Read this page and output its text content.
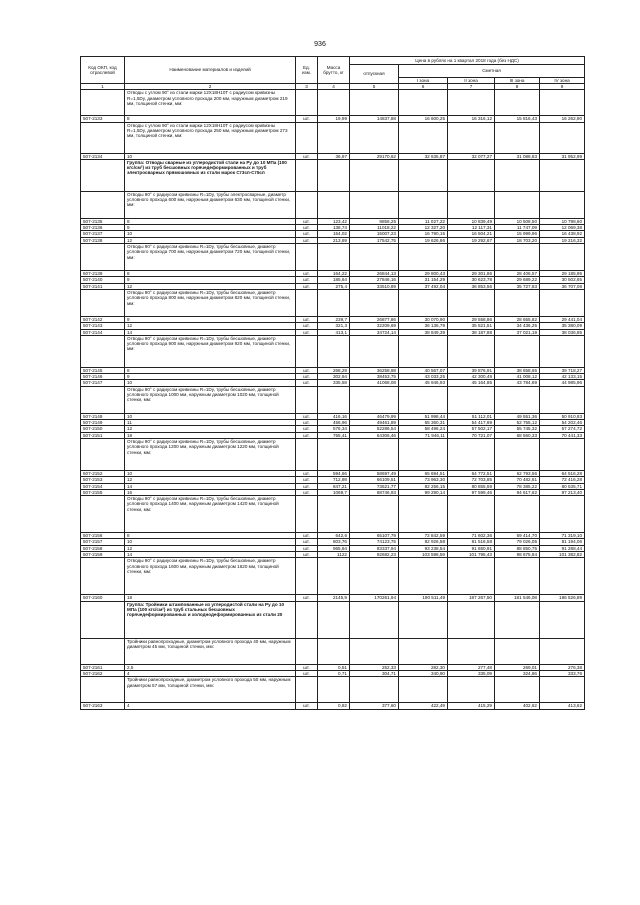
936
Код ОКП, код отраслевой	Наименование материалов и изделий	Ед. изм.	Масса брутто, кг	Цена в рублях на 1 квартал 2018 года (без НДС)				
				отпускная	Сметная			
					I зона	II зона	III зона	IV зона
1	2	3	4	5	6	7	8	9
	Отводы с углом 90° из стали марки 12Х18Н10Т с радиусом кривизны R=1,5Dy, диаметром условного прохода 200 мм, наружным диаметром 219 мм, толщиной стенки, мм:							
507-2133	8	шт.	19,99	14837,88	16 600,25	16 316,12	15 816,43	16 262,90
	Отводы с углом 90° из стали марки 12Х18Н10Т с радиусом кривизны R=1,5Dy, диаметром условного прохода 250 мм, наружным диаметром 273 мм, толщиной стенки, мм:							
507-2134	10	шт.	36,97	29170,62	32 635,87	32 077,27	31 088,83	31 952,99
	Группа: Отводы сварные из углеродистой стали на Ру до 10 МПа (100 кгс/см²) из труб бесшовных горячедеформированных и труб электросварных прямошовных из стали марок Ст3сп-Ст5сп							
	Отводы 90° с радиусом кривизны R=1Dy, трубы электросварные, диаметр условного прохода 600 мм, наружным диаметром 630 мм, толщиной стенки, мм:							
507-2135	8	шт.	123,42	9856,25	11 027,22	10 839,49	10 508,50	10 798,60
507-2136	9	шт.	138,74	11018,22	12 327,20	12 117,31	11 747,09	12 069,38
507-2137	10	шт.	154,02	15007,23	16 790,15	16 504,21	15 999,96	16 438,92
507-2138	12	шт.	213,69	17542,75	19 626,86	19 292,67	18 703,20	19 216,32
	Отводы 90° с радиусом кривизны R=1Dy, трубы бесшовные, диаметр условного прохода 700 мм, наружным диаметром 720 мм, толщиной стенки, мм:							
507-2139	8	шт.	164,22	26844,13	29 800,43	29 301,86	28 406,57	29 185,95
507-2140	9	шт.	185,64	27846,16	31 154,29	30 623,78	29 689,22	30 502,65
507-2141	12	шт.	275,4	33510,89	37 492,04	36 853,56	35 727,83	36 707,08
	Отводы 90° с радиусом кривизны R=1Dy, трубы бесшовные, диаметр условного прохода 800 мм, наружным диаметром 820 мм, толщиной стенки, мм:							
507-2142	9	шт.	239,7	26877,86	30 070,90	29 558,86	28 655,82	29 441,04
507-2143	12	шт.	321,3	32209,69	36 136,79	35 521,51	34 436,25	35 380,09
507-2144	14	шт.	413,1	34724,14	38 849,39	38 187,88	37 021,19	38 036,85
	Отводы 90° с радиусом кривизны R=1Dy, трубы бесшовные, диаметр условного прохода 900 мм, наружным диаметром 920 мм, толщиной стенки, мм:							
507-2145	8	шт.	268,29	36258,98	40 567,07	39 876,91	38 658,65	39 718,27
507-2146	9	шт.	302,94	38453,75	43 033,25	42 300,49	41 008,12	42 133,15
507-2147	10	шт.	335,58	41068,08	45 946,93	45 164,85	43 784,69	44 985,96
	Отводы 90° с радиусом кривизны R=1Dy, трубы бесшовные, диаметр условного прохода 1000 мм, наружным диаметром 1020 мм, толщиной стенки, мм:							
507-2148	10	шт.	416,16	46479,99	51 998,44	51 112,01	49 551,36	50 910,83
507-2149	11	шт.	456,96	49461,89	55 360,31	54 417,69	52 755,12	54 202,46
507-2150	12	шт.	576,34	52286,54	58 496,24	57 502,17	55 745,32	57 274,72
507-2151	18	шт.	755,41	64306,46	71 946,11	70 721,07	68 560,33	70 441,33
	Отводы 90° с радиусом кривизны R=1Dy, трубы бесшовные, диаметр условного прохода 1200 мм, наружным диаметром 1220 мм, толщиной стенки, мм:							
507-2152	10	шт.	594,66	58697,49	65 694,51	64 772,51	62 793,56	64 516,28
507-2153	12	шт.	712,98	66109,51	73 963,30	72 703,85	70 482,61	72 416,28
507-2154	14	шт.	847,21	73521,77	82 256,15	80 855,59	78 385,22	80 535,71
507-2155	16	шт.	1069,7	88746,93	99 290,14	97 599,46	94 617,62	97 213,40
	Отводы 90° с радиусом кривизны R=1Dy, трубы бесшовные, диаметр условного прохода 1400 мм, наружным диаметром 1420 мм, толщиной стенки, мм:							
507-2156	8	шт.	642,6	65107,79	72 842,59	71 602,36	69 414,70	71 319,10
507-2157	10	шт.	803,76	74123,75	82 926,58	81 516,58	79 026,05	81 194,06
507-2158	12	шт.	965,94	83337,94	93 238,54	91 650,91	88 850,75	91 288,44
507-2159	14	шт.	1122	92682,23	103 598,59	101 795,43	98 675,84	101 382,82
	Отводы 90° с радиусом кривизны R=1Dy, трубы бесшовные, диаметр условного прохода 1600 мм, наружным диаметром 1620 мм, толщиной стенки, мм:							
507-2160	18	шт.	2145,9	170261,94	190 511,49	187 267,50	181 546,08	186 526,89
	Группа: Тройники штампованные из углеродистой стали на Ру до 10 МПа (100 кгс/см²) из труб стальных бесшовных горячедеформированных и холоднодеформированных из стали 20							
	Тройники равнопроходные, диаметром условного прохода 40 мм, наружным диаметром 45 мм, толщиной стенки, мм:							
507-2161	2,5	шт.	0,51	252,33	282,30	277,48	269,01	276,38
507-2162	4	шт.	0,71	304,71	340,90	335,09	324,86	333,76
	Тройники равнопроходные, диаметром условного прохода 50 мм, наружным диаметром 57 мм, толщиной стенки, мм:							
507-2163	4	шт.	0,82	377,60	422,49	415,29	402,62	413,62
